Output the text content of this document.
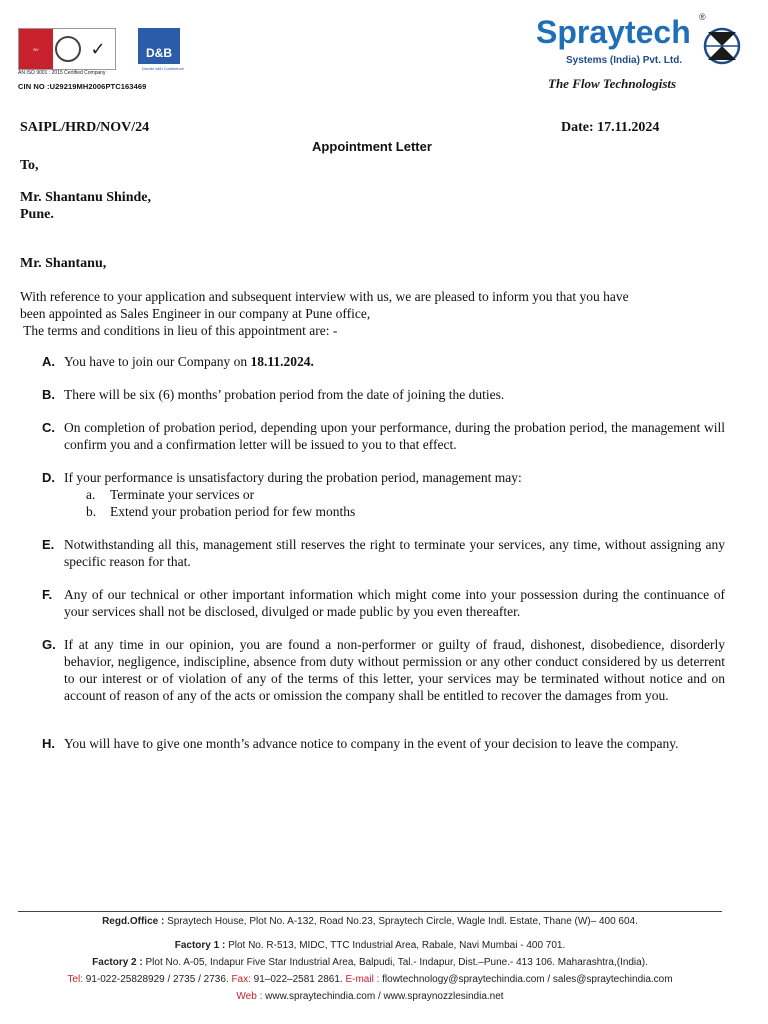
BV	✓
AN ISO 9001 : 2015 Certified Company
D&B
Decide with Confidence
CIN NO :U29219MH2006PTC163469
Spraytech ®
Systems (India) Pvt. Ltd.
The Flow Technologists
SAIPL/HRD/NOV/24	Date: 17.11.2024
Appointment Letter
To,
Mr. Shantanu Shinde,
Pune.
Mr. Shantanu,
With reference to your application and subsequent interview with us, we are pleased to inform you that you have
been appointed as Sales Engineer in our company at Pune office,
The terms and conditions in lieu of this appointment are: -
A. You have to join our Company on 18.11.2024.
B. There will be six (6) months’ probation period from the date of joining the duties.
C. On completion of probation period, depending upon your performance, during the probation period, the management will confirm you and a confirmation letter will be issued to you to that effect.
D. If your performance is unsatisfactory during the probation period, management may:
a. Terminate your services or
b. Extend your probation period for few months
E. Notwithstanding all this, management still reserves the right to terminate your services, any time, without assigning any specific reason for that.
F. Any of our technical or other important information which might come into your possession during the continuance of your services shall not be disclosed, divulged or made public by you even thereafter.
G. If at any time in our opinion, you are found a non-performer or guilty of fraud, dishonest, disobedience, disorderly behavior, negligence, indiscipline, absence from duty without permission or any other conduct considered by us deterrent to our interest or of violation of any of the terms of this letter, your services may be terminated without notice and on account of reason of any of the acts or omission the company shall be entitled to recover the damages from you.
H. You will have to give one month’s advance notice to company in the event of your decision to leave the company.
Regd.Office : Spraytech House, Plot No. A-132, Road No.23, Spraytech Circle, Wagle Indl. Estate, Thane (W)– 400 604.
Factory 1 : Plot No. R-513, MIDC, TTC Industrial Area, Rabale, Navi Mumbai - 400 701.
Factory 2 : Plot No. A-05, Indapur Five Star Industrial Area, Balpudi, Tal.- Indapur, Dist.–Pune.- 413 106. Maharashtra,(India).
Tel: 91-022-25828929 / 2735 / 2736. Fax: 91–022–2581 2861. E-mail : flowtechnology@spraytechindia.com / sales@spraytechindia.com
Web : www.spraytechindia.com / www.spraynozzlesindia.net
